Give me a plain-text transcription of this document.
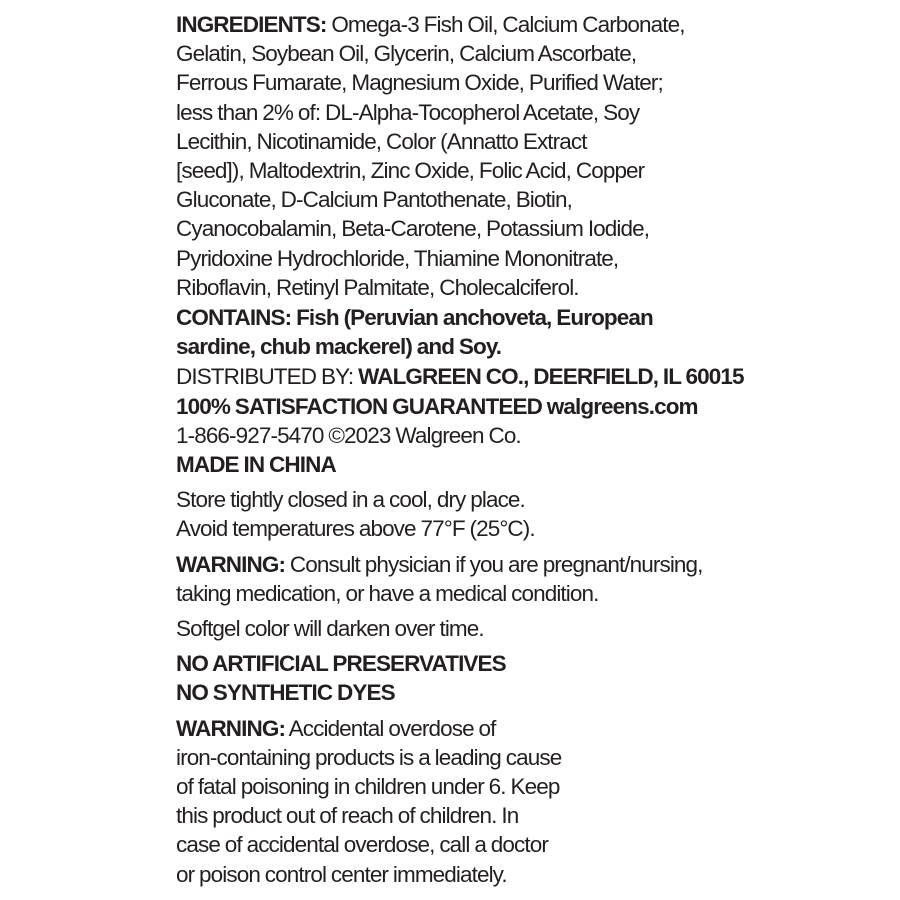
INGREDIENTS: Omega-3 Fish Oil, Calcium Carbonate,
Gelatin, Soybean Oil, Glycerin, Calcium Ascorbate,
Ferrous Fumarate, Magnesium Oxide, Purified Water;
less than 2% of: DL-Alpha-Tocopherol Acetate, Soy
Lecithin, Nicotinamide, Color (Annatto Extract
[seed]), Maltodextrin, Zinc Oxide, Folic Acid, Copper
Gluconate, D-Calcium Pantothenate, Biotin,
Cyanocobalamin, Beta-Carotene, Potassium Iodide,
Pyridoxine Hydrochloride, Thiamine Mononitrate,
Riboflavin, Retinyl Palmitate, Cholecalciferol.
CONTAINS: Fish (Peruvian anchoveta, European
sardine, chub mackerel) and Soy.
DISTRIBUTED BY: WALGREEN CO., DEERFIELD, IL 60015
100% SATISFACTION GUARANTEED walgreens.com
1-866-927-5470 ©2023 Walgreen Co.
MADE IN CHINA
Store tightly closed in a cool, dry place.
Avoid temperatures above 77°F (25°C).
WARNING: Consult physician if you are pregnant/nursing,
taking medication, or have a medical condition.
Softgel color will darken over time.
NO ARTIFICIAL PRESERVATIVES
NO SYNTHETIC DYES
WARNING: Accidental overdose of
iron-containing products is a leading cause
of fatal poisoning in children under 6. Keep
this product out of reach of children. In
case of accidental overdose, call a doctor
or poison control center immediately.
